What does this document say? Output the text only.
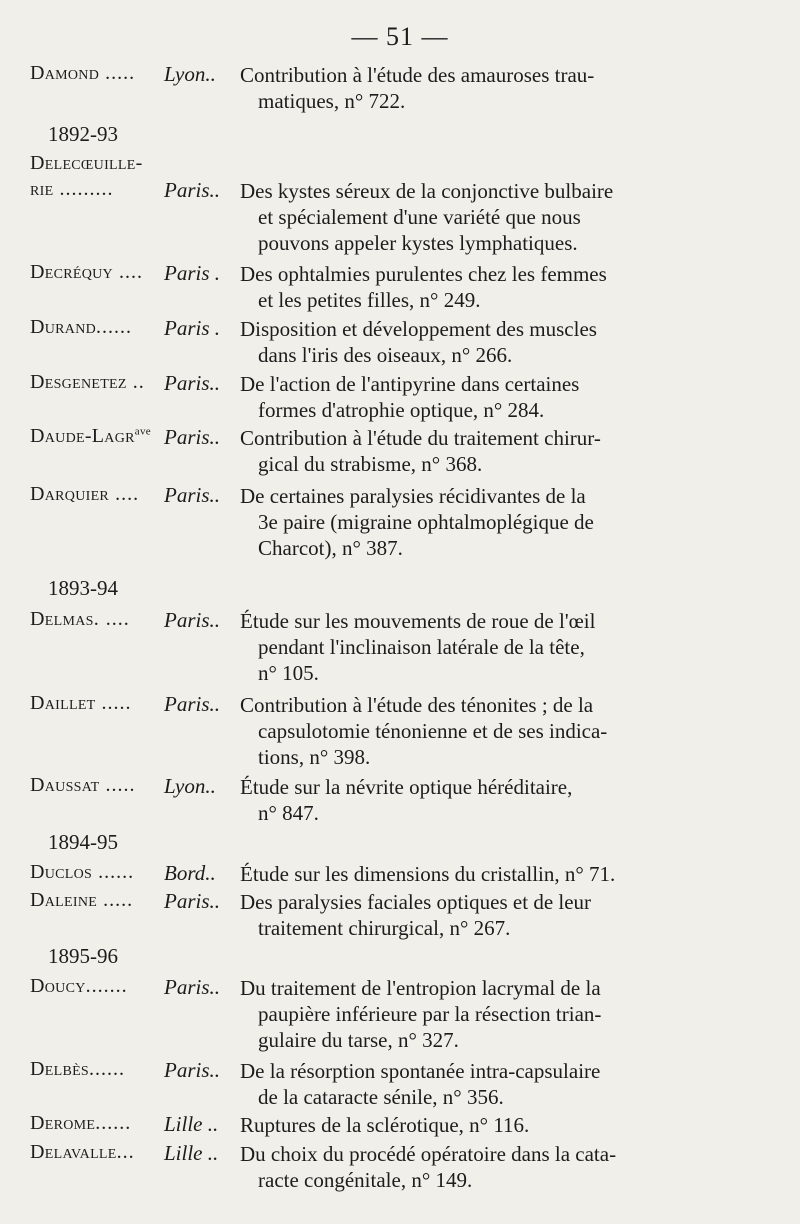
— 51 —
Damond ..... Lyon.. Contribution à l'étude des amauroses trau-
matiques, n° 722.
1892-93
Delecœuille-
rie ......... Paris.. Des kystes séreux de la conjonctive bulbaire
et spécialement d'une variété que nous
pouvons appeler kystes lymphatiques.
Decréquy .... Paris . Des ophtalmies purulentes chez les femmes
et les petites filles, n° 249.
Durand...... Paris . Disposition et développement des muscles
dans l'iris des oiseaux, n° 266.
Desgenetez .. Paris.. De l'action de l'antipyrine dans certaines
formes d'atrophie optique, n° 284.
Daude-Lagr$^{ave}$ Paris.. Contribution à l'étude du traitement chirur-
gical du strabisme, n° 368.
Darquier .... Paris.. De certaines paralysies récidivantes de la
3e paire (migraine ophtalmoplégique de
Charcot), n° 387.
1893-94
Delmas. .... Paris.. Étude sur les mouvements de roue de l'œil
pendant l'inclinaison latérale de la tête,
n° 105.
Daillet ..... Paris.. Contribution à l'étude des ténonites ; de la
capsulotomie ténonienne et de ses indica-
tions, n° 398.
Daussat ..... Lyon.. Étude sur la névrite optique héréditaire,
n° 847.
1894-95
Duclos ...... Bord.. Étude sur les dimensions du cristallin, n° 71.
Daleine ..... Paris.. Des paralysies faciales optiques et de leur
traitement chirurgical, n° 267.
1895-96
Doucy....... Paris.. Du traitement de l'entropion lacrymal de la
paupière inférieure par la résection trian-
gulaire du tarse, n° 327.
Delbès...... Paris.. De la résorption spontanée intra-capsulaire
de la cataracte sénile, n° 356.
Derome...... Lille .. Ruptures de la sclérotique, n° 116.
Delavalle... Lille .. Du choix du procédé opératoire dans la cata-
racte congénitale, n° 149.
